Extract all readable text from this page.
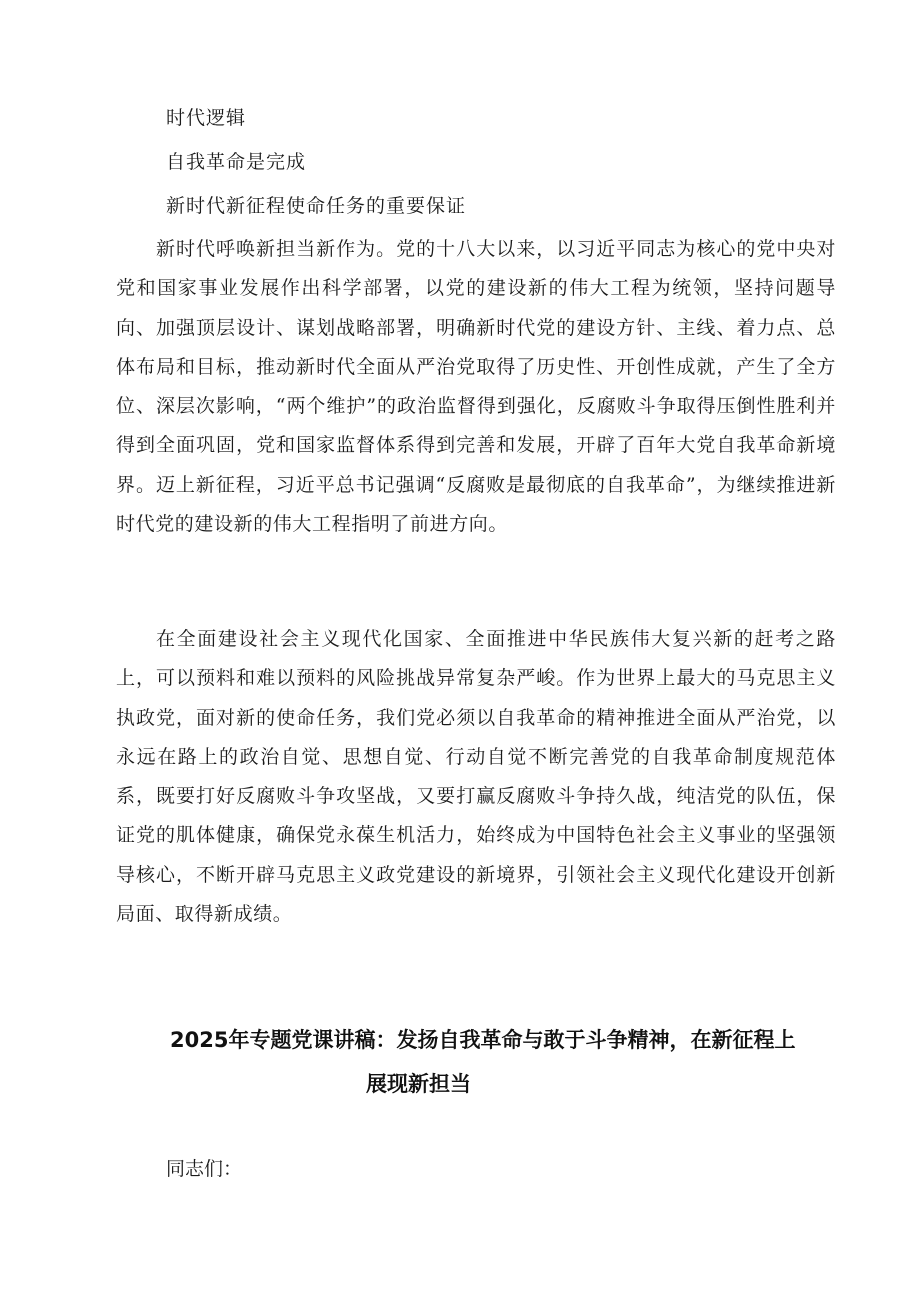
时代逻辑
自我革命是完成
新时代新征程使命任务的重要保证

新时代呼唤新担当新作为。党的十八大以来，以习近平同志为核心的党中央对党和国家事业发展作出科学部署，以党的建设新的伟大工程为统领，坚持问题导向、加强顶层设计、谋划战略部署，明确新时代党的建设方针、主线、着力点、总体布局和目标，推动新时代全面从严治党取得了历史性、开创性成就，产生了全方位、深层次影响，“两个维护”的政治监督得到强化，反腐败斗争取得压倒性胜利并得到全面巩固，党和国家监督体系得到完善和发展，开辟了百年大党自我革命新境界。迈上新征程，习近平总书记强调“反腐败是最彻底的自我革命”，为继续推进新时代党的建设新的伟大工程指明了前进方向。

在全面建设社会主义现代化国家、全面推进中华民族伟大复兴新的赶考之路上，可以预料和难以预料的风险挑战异常复杂严峻。作为世界上最大的马克思主义执政党，面对新的使命任务，我们党必须以自我革命的精神推进全面从严治党，以永远在路上的政治自觉、思想自觉、行动自觉不断完善党的自我革命制度规范体系，既要打好反腐败斗争攻坚战，又要打赢反腐败斗争持久战，纯洁党的队伍，保证党的肌体健康，确保党永葆生机活力，始终成为中国特色社会主义事业的坚强领导核心，不断开辟马克思主义政党建设的新境界，引领社会主义现代化建设开创新局面、取得新成绩。

2025年专题党课讲稿：发扬自我革命与敢于斗争精神，在新征程上
展现新担当
同志们：
